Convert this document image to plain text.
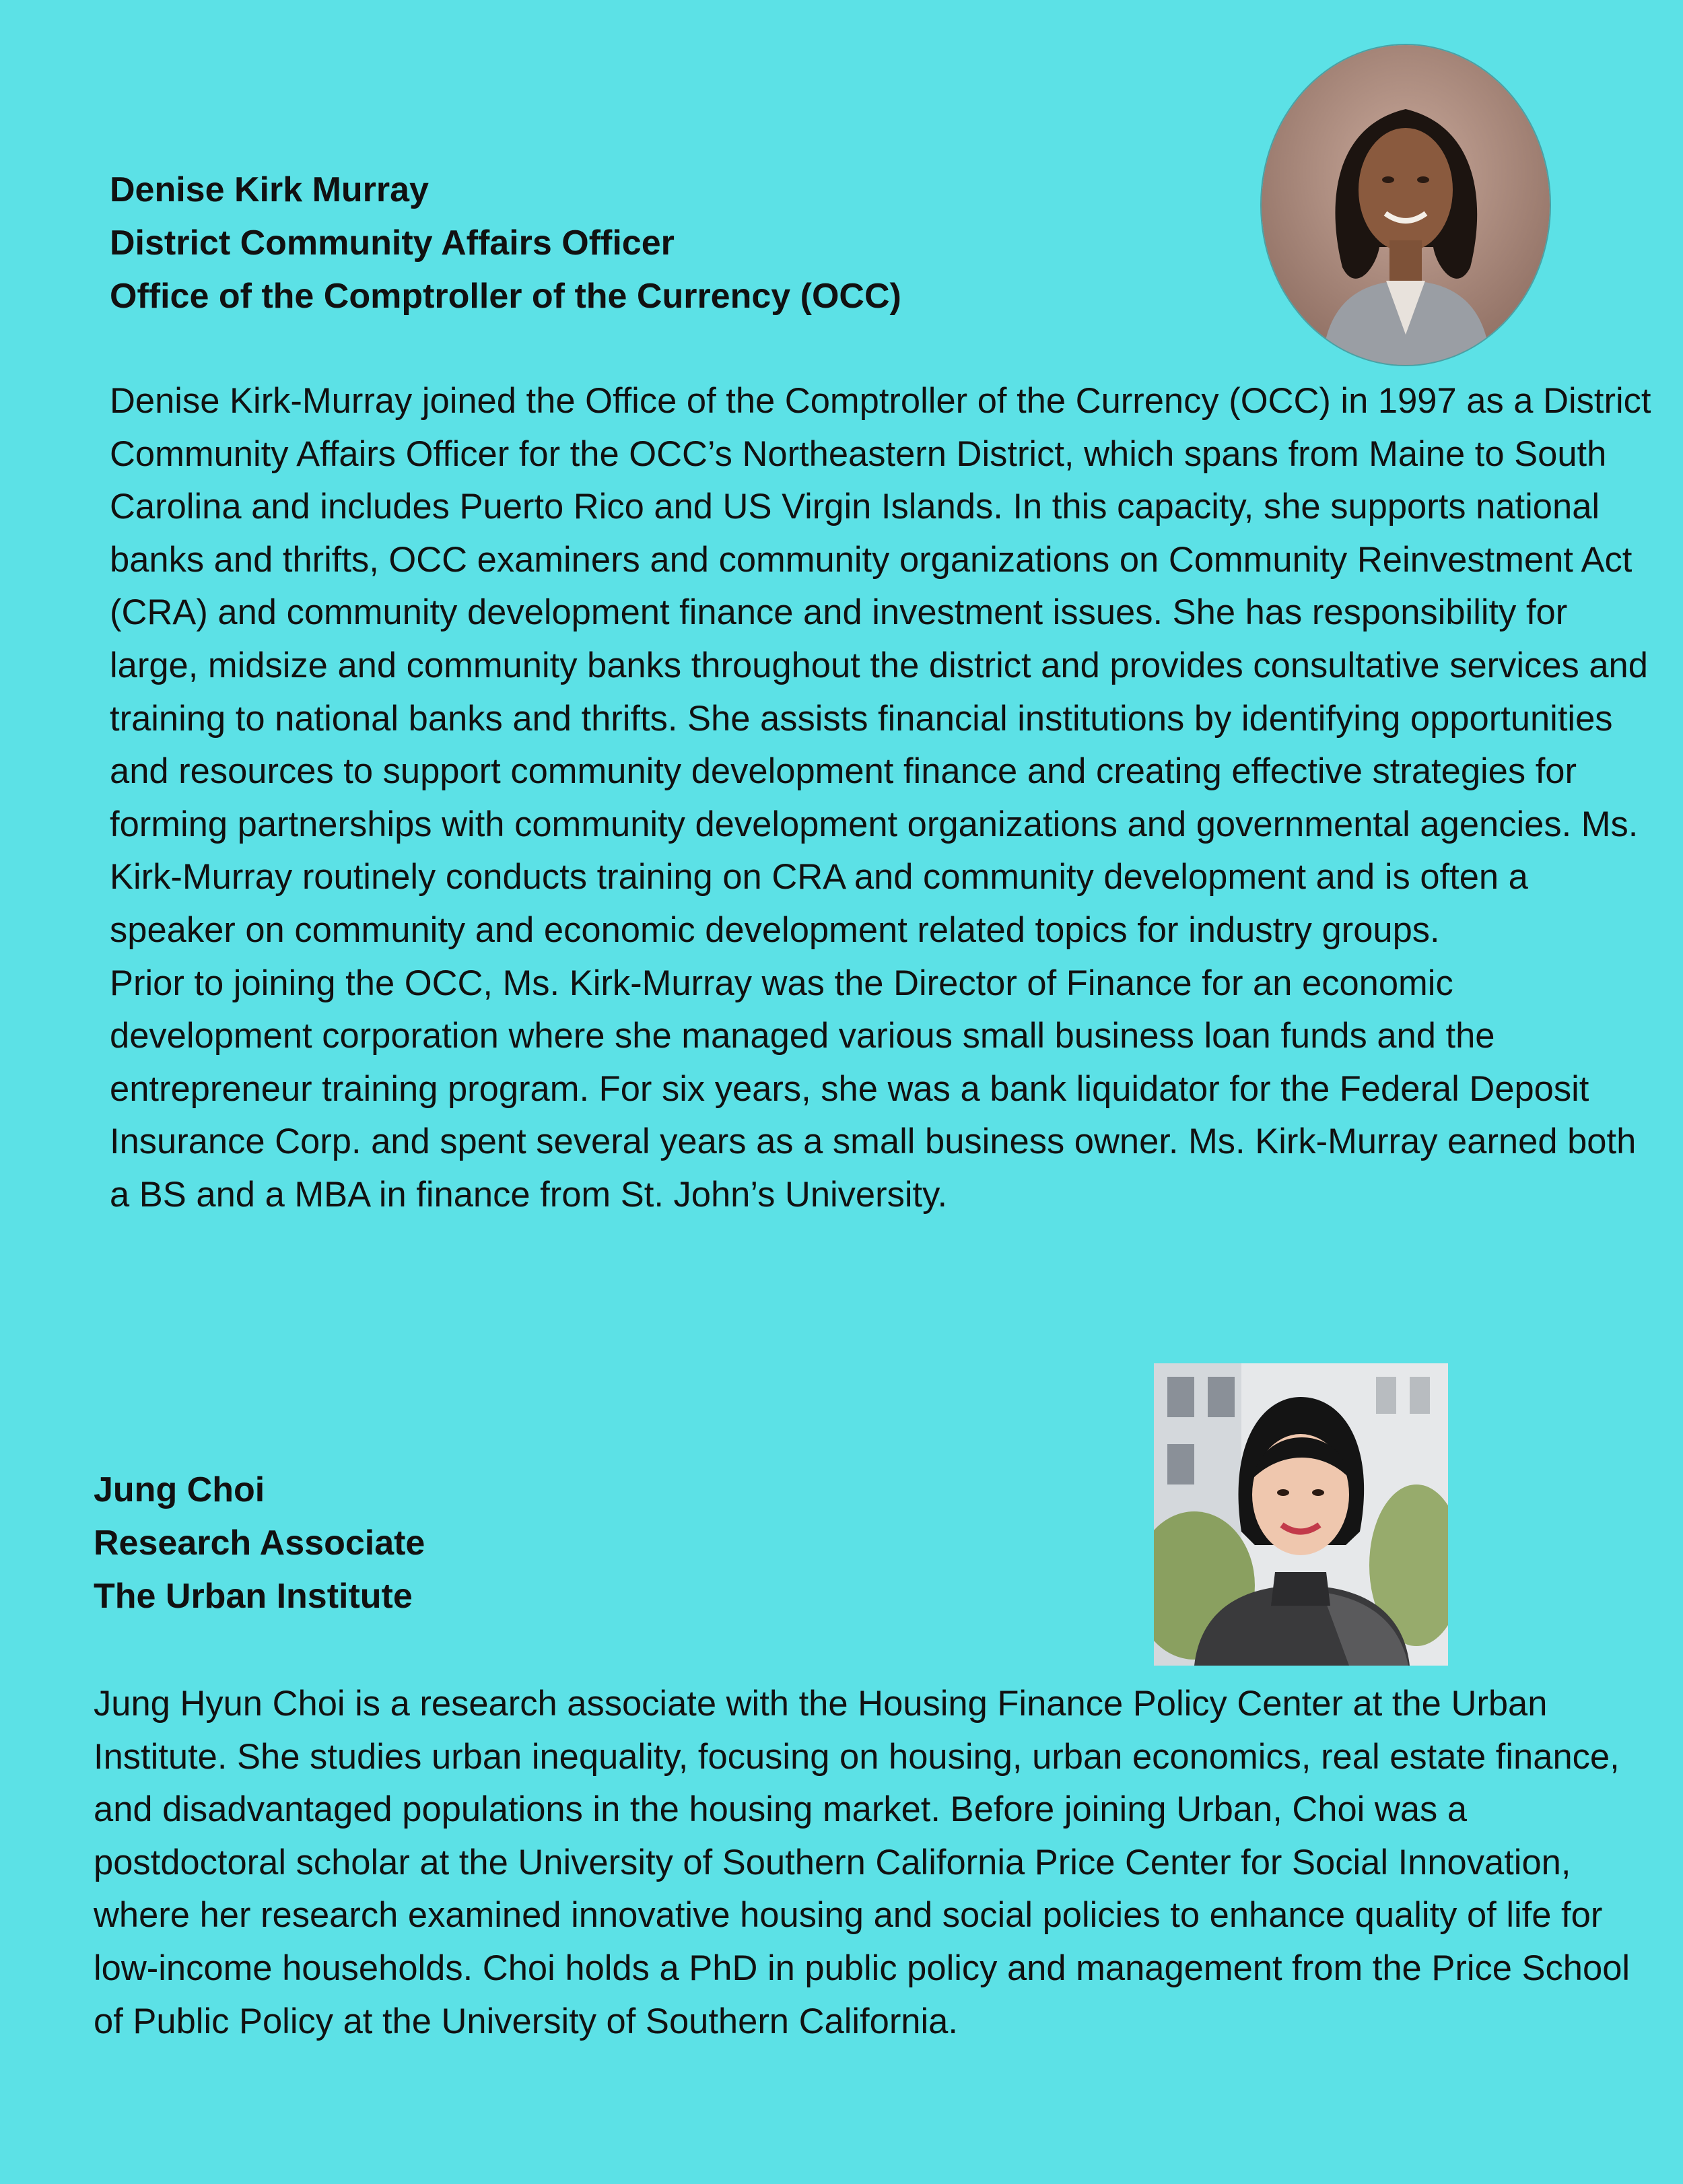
Denise Kirk Murray
District Community Affairs Officer
Office of the Comptroller of the Currency (OCC)

Denise Kirk-Murray joined the Office of the Comptroller of the Currency (OCC) in 1997 as a District Community Affairs Officer for the OCC’s Northeastern District, which spans from Maine to South Carolina and includes Puerto Rico and US Virgin Islands. In this capacity, she supports national banks and thrifts, OCC examiners and community organizations on Community Reinvestment Act (CRA) and community development finance and investment issues. She has responsibility for large, midsize and community banks throughout the district and provides consultative services and training to national banks and thrifts. She assists financial institutions by identifying opportunities and resources to support community development finance and creating effective strategies for forming partnerships with community development organizations and governmental agencies. Ms. Kirk-Murray routinely conducts training on CRA and community development and is often a speaker on community and economic development related topics for industry groups.

Prior to joining the OCC, Ms. Kirk-Murray was the Director of Finance for an economic development corporation where she managed various small business loan funds and the entrepreneur training program. For six years, she was a bank liquidator for the Federal Deposit Insurance Corp. and spent several years as a small business owner. Ms. Kirk-Murray earned both a BS and a MBA in finance from St. John’s University.

Jung Choi
Research Associate
The Urban Institute

Jung Hyun Choi is a research associate with the Housing Finance Policy Center at the Urban Institute. She studies urban inequality, focusing on housing, urban economics, real estate finance, and disadvantaged populations in the housing market. Before joining Urban, Choi was a postdoctoral scholar at the University of Southern California Price Center for Social Innovation, where her research examined innovative housing and social policies to enhance quality of life for low-income households. Choi holds a PhD in public policy and management from the Price School of Public Policy at the University of Southern California.
